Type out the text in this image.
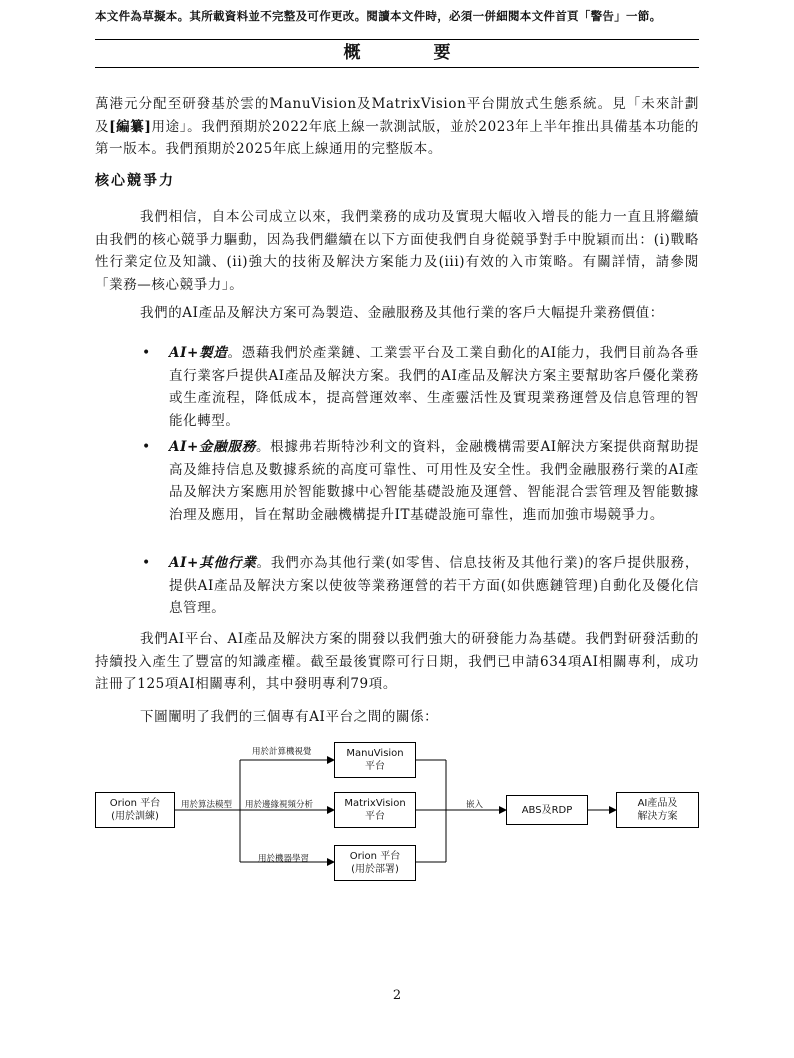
本文件為草擬本。其所載資料並不完整及可作更改。閱讀本文件時，必須一併細閱本文件首頁「警告」一節。
概　要
萬港元分配至研發基於雲的ManuVision及MatrixVision平台開放式生態系統。見「未來計劃及[編纂]用途」。我們預期於2022年底上線一款測試版，並於2023年上半年推出具備基本功能的第一版本。我們預期於2025年底上線通用的完整版本。
核心競爭力
我們相信，自本公司成立以來，我們業務的成功及實現大幅收入增長的能力一直且將繼續由我們的核心競爭力驅動，因為我們繼續在以下方面使我們自身從競爭對手中脫穎而出：(i)戰略性行業定位及知識、(ii)強大的技術及解決方案能力及(iii)有效的入市策略。有關詳情，請參閱「業務—核心競爭力」。
我們的AI產品及解決方案可為製造、金融服務及其他行業的客戶大幅提升業務價值：
• AI+製造。憑藉我們於產業鏈、工業雲平台及工業自動化的AI能力，我們目前為各垂直行業客戶提供AI產品及解決方案。我們的AI產品及解決方案主要幫助客戶優化業務或生產流程，降低成本，提高營運效率、生產靈活性及實現業務運營及信息管理的智能化轉型。
• AI+金融服務。根據弗若斯特沙利文的資料，金融機構需要AI解決方案提供商幫助提高及維持信息及數據系統的高度可靠性、可用性及安全性。我們金融服務行業的AI產品及解決方案應用於智能數據中心智能基礎設施及運營、智能混合雲管理及智能數據治理及應用，旨在幫助金融機構提升IT基礎設施可靠性，進而加強市場競爭力。
• AI+其他行業。我們亦為其他行業(如零售、信息技術及其他行業)的客戶提供服務，提供AI產品及解決方案以使彼等業務運營的若干方面(如供應鏈管理)自動化及優化信息管理。
我們AI平台、AI產品及解決方案的開發以我們強大的研發能力為基礎。我們對研發活動的持續投入產生了豐富的知識產權。截至最後實際可行日期，我們已申請634項AI相關專利，成功註冊了125項AI相關專利，其中發明專利79項。
下圖闡明了我們的三個專有AI平台之間的關係：
Orion 平台
(用於訓練)
用於算法模型
用於計算機視覺
用於邊緣視頻分析
用於機器學習
ManuVision
平台
MatrixVision
平台
Orion 平台
(用於部署)
嵌入	ABS及RDP
AI產品及
解決方案
2
